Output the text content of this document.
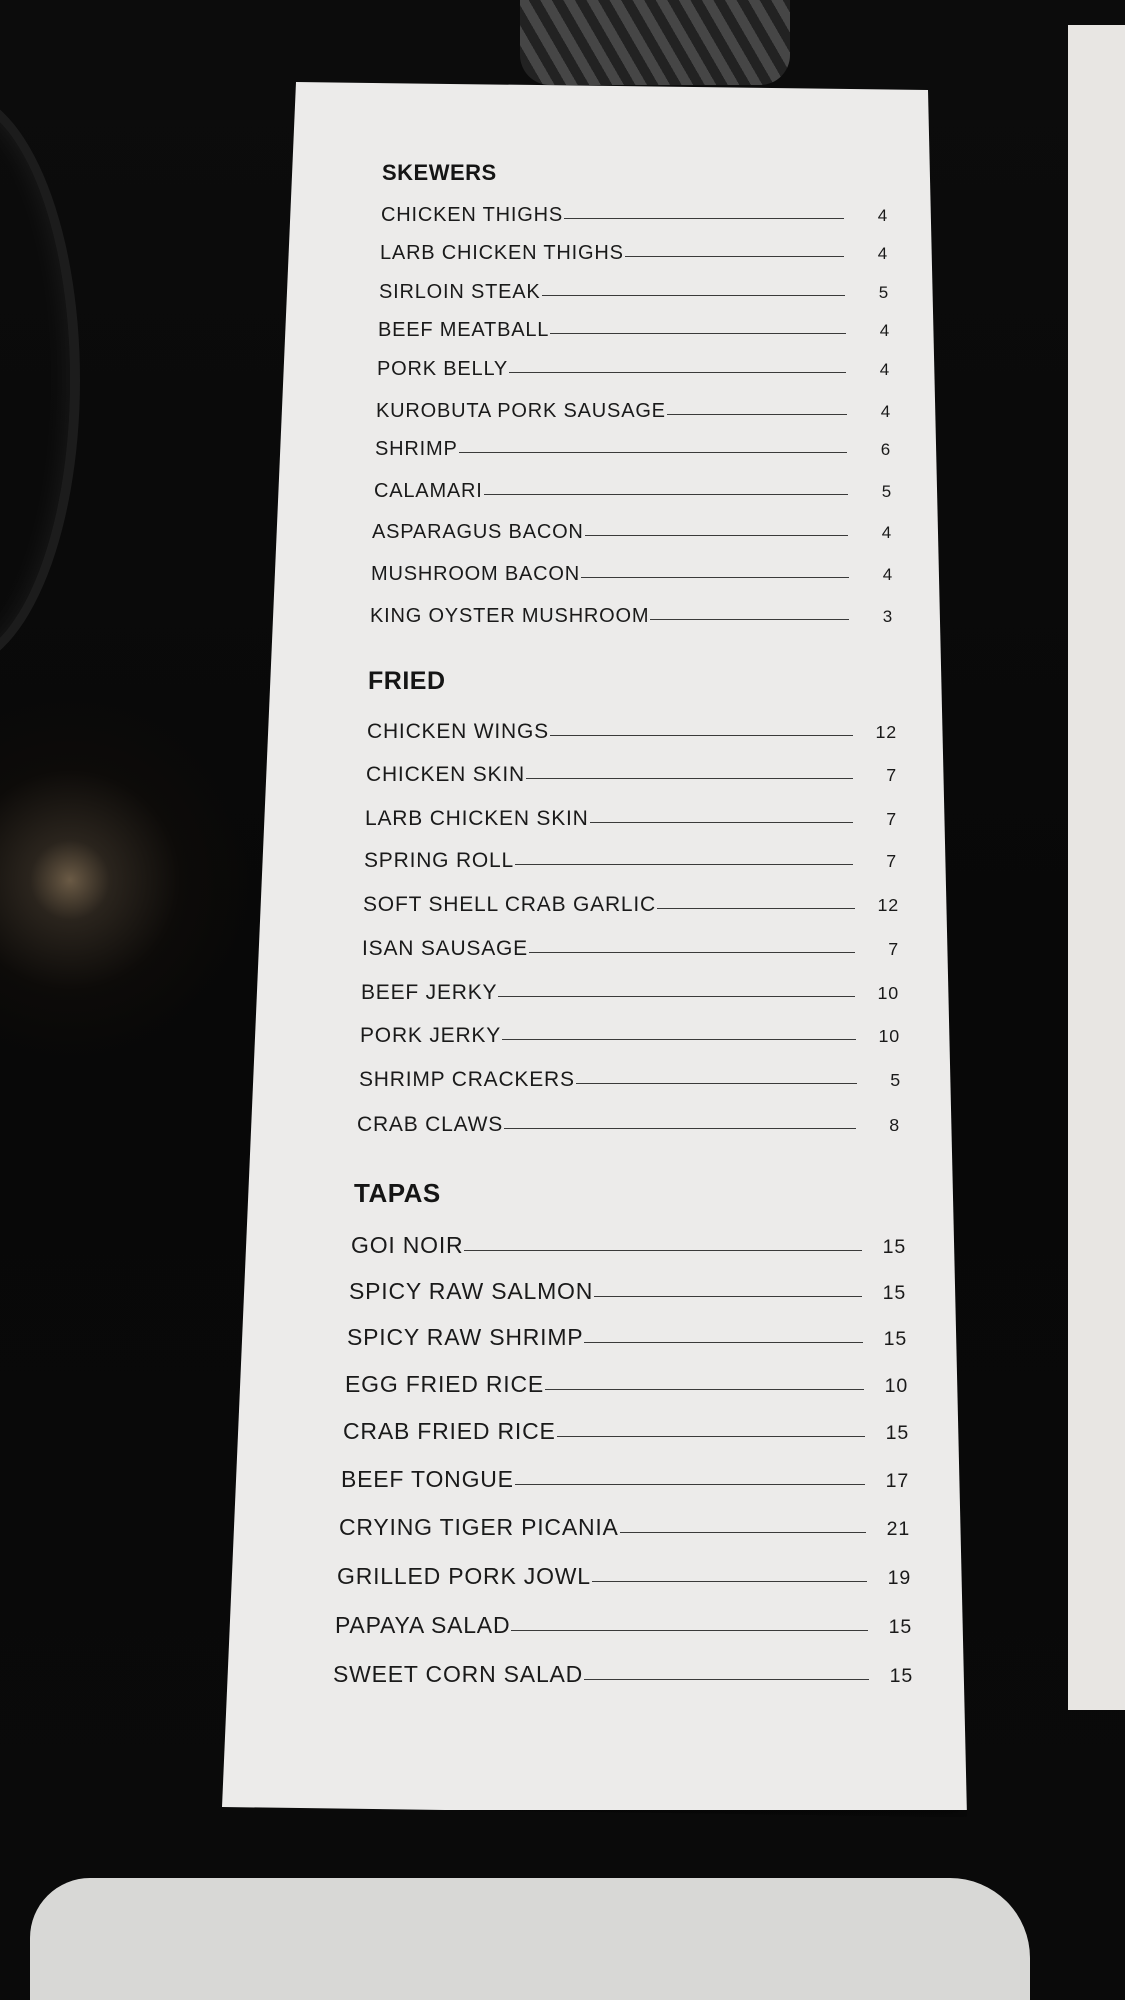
SKEWERS
CHICKEN THIGHS	4
LARB CHICKEN THIGHS	4
SIRLOIN STEAK	5
BEEF MEATBALL	4
PORK BELLY	4
KUROBUTA PORK SAUSAGE	4
SHRIMP	6
CALAMARI	5
ASPARAGUS BACON	4
MUSHROOM BACON	4
KING OYSTER MUSHROOM	3
FRIED
CHICKEN WINGS	12
CHICKEN SKIN	7
LARB CHICKEN SKIN	7
SPRING ROLL	7
SOFT SHELL CRAB GARLIC	12
ISAN SAUSAGE	7
BEEF JERKY	10
PORK JERKY	10
SHRIMP CRACKERS	5
CRAB CLAWS	8
TAPAS
GOI NOIR	15
SPICY RAW SALMON	15
SPICY RAW SHRIMP	15
EGG FRIED RICE	10
CRAB FRIED RICE	15
BEEF TONGUE	17
CRYING TIGER PICANIA	21
GRILLED PORK JOWL	19
PAPAYA SALAD	15
SWEET CORN SALAD	15
